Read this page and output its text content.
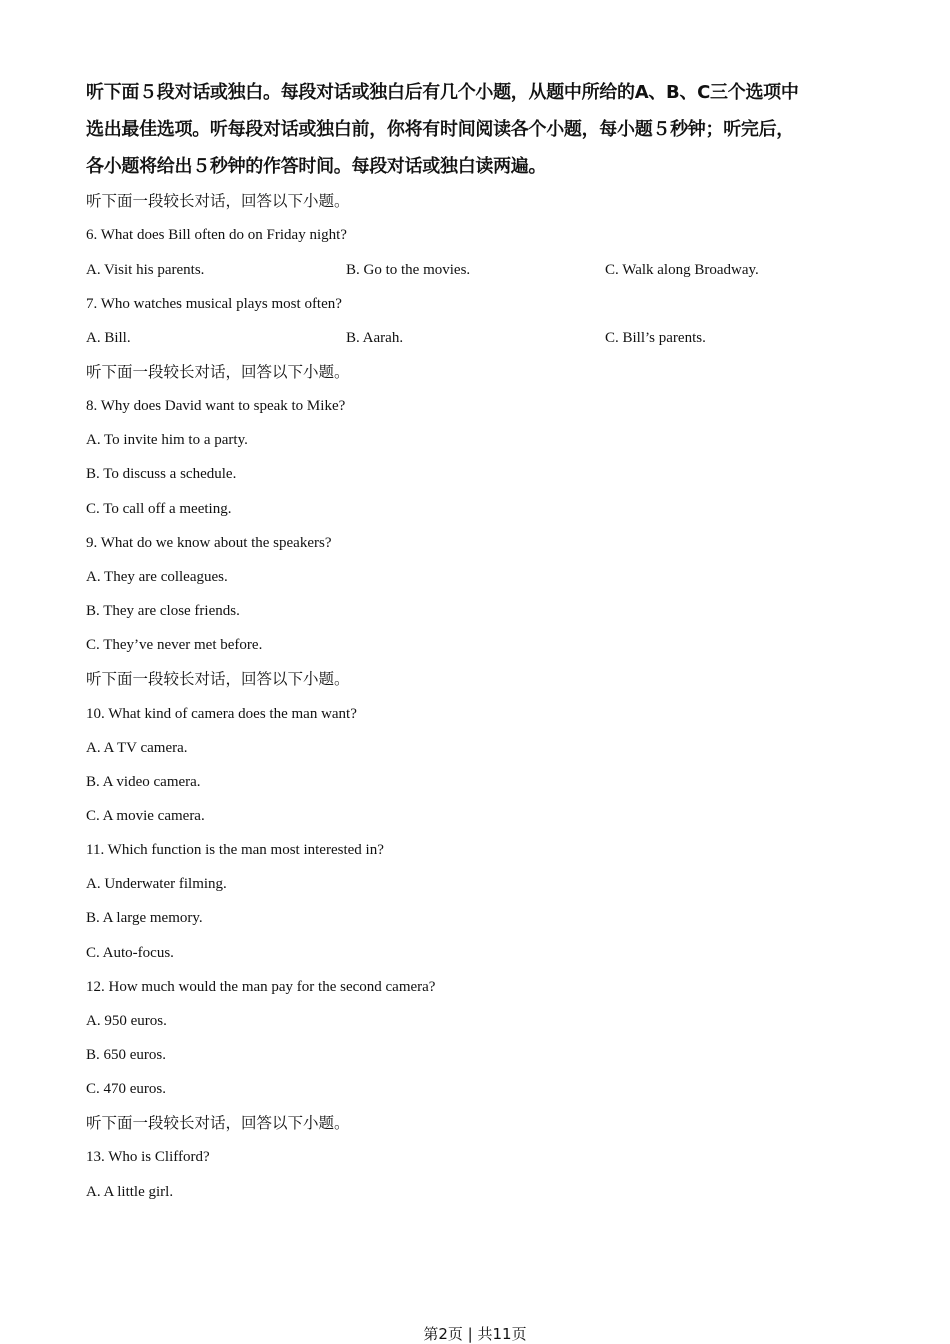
听下面５段对话或独白。每段对话或独白后有几个小题，从题中所给的A、B、C三个选项中
选出最佳选项。听每段对话或独白前，你将有时间阅读各个小题，每小题５秒钟；听完后，
各小题将给出５秒钟的作答时间。每段对话或独白读两遍。
听下面一段较长对话，回答以下小题。
6. What does Bill often do on Friday night?
A. Visit his parents.	B. Go to the movies.	C. Walk along Broadway.
7. Who watches musical plays most often?
A. Bill.	B. Aarah.	C. Bill’s parents.
听下面一段较长对话，回答以下小题。
8. Why does David want to speak to Mike?
A. To invite him to a party.
B. To discuss a schedule.
C. To call off a meeting.
9. What do we know about the speakers?
A. They are colleagues.
B. They are close friends.
C. They’ve never met before.
听下面一段较长对话，回答以下小题。
10. What kind of camera does the man want?
A. A TV camera.
B. A video camera.
C. A movie camera.
11. Which function is the man most interested in?
A. Underwater filming.
B. A large memory.
C. Auto-focus.
12. How much would the man pay for the second camera?
A. 950 euros.
B. 650 euros.
C. 470 euros.
听下面一段较长对话，回答以下小题。
13. Who is Clifford?
A. A little girl.
第2页 | 共11页
